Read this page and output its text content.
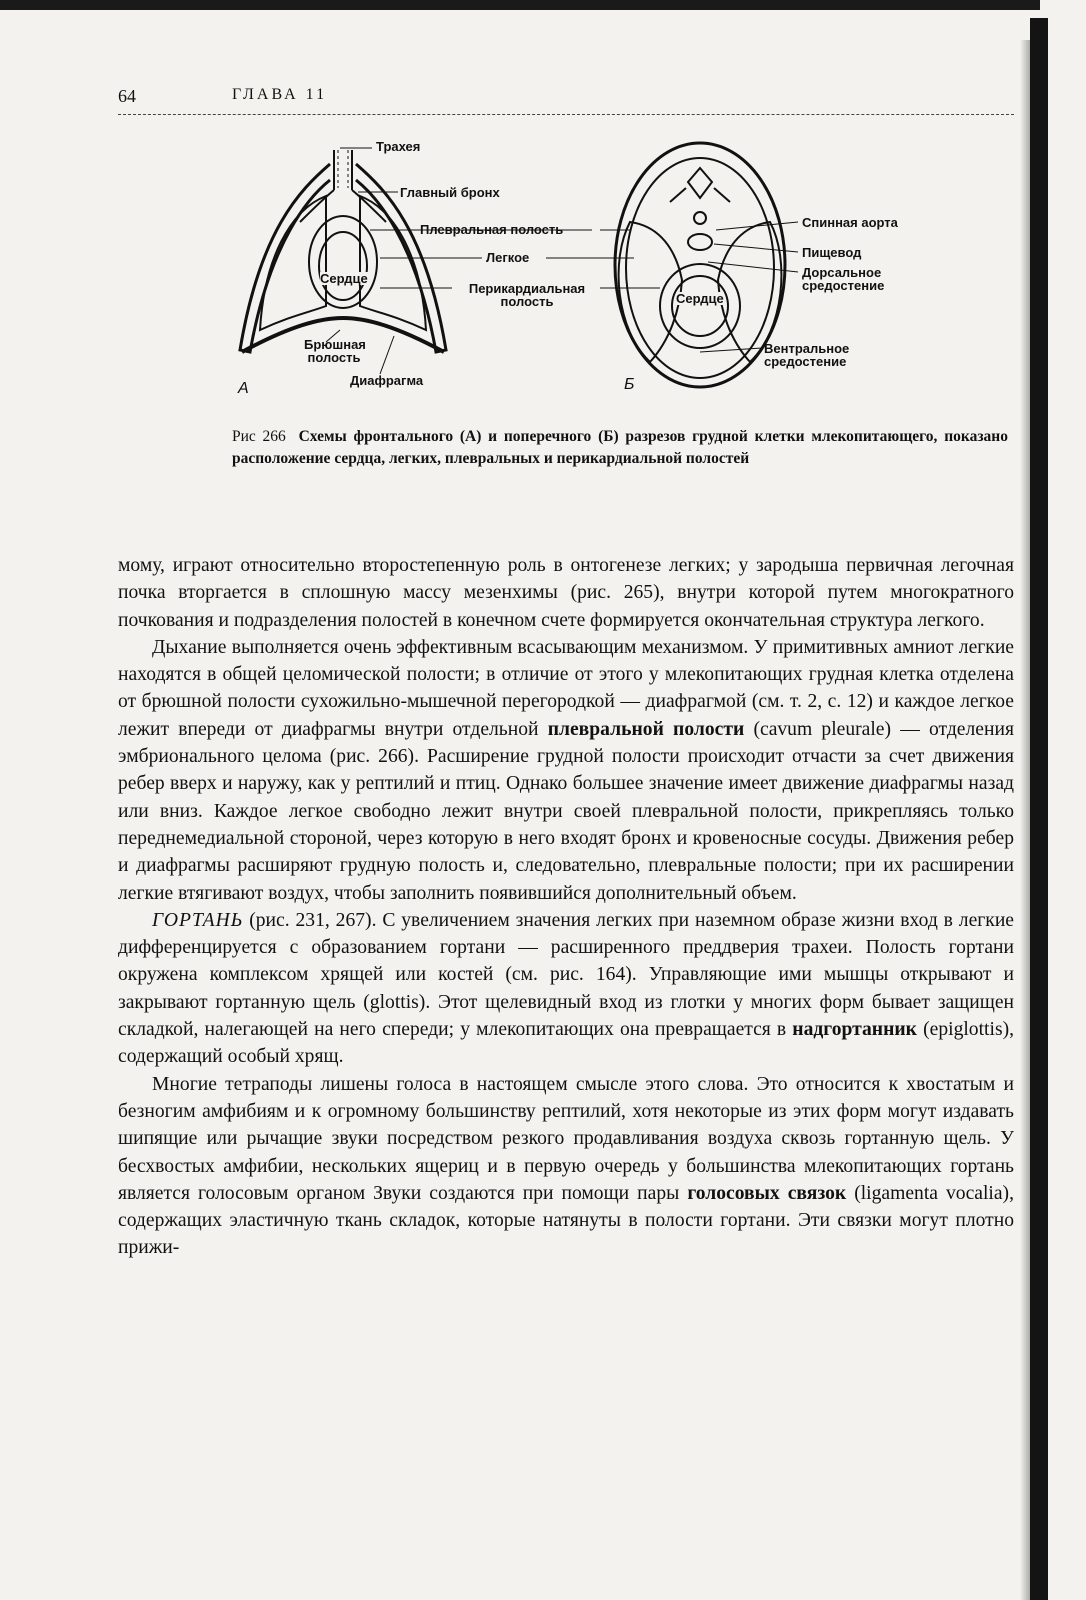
64	ГЛАВА 11
Трахея
Главный бронх
Плевральная полость
Легкое
Сердце
Перикардиальная полость
Брюшная полость
Диафрагма
А
Спинная аорта
Пищевод
Дорсальное средостение
Сердце
Вентральное средостение
Б
Рис 266 Схемы фронтального (А) и поперечного (Б) разрезов грудной клетки млекопитающего, показано расположение сердца, легких, плевральных и перикардиальной полостей

мому, играют относительно второстепенную роль в онтогенезе легких; у зародыша первичная легочная почка вторгается в сплошную массу мезенхимы (рис. 265), внутри которой путем многократного почкования и подразделения полостей в конечном счете формируется окончательная структура легкого.

Дыхание выполняется очень эффективным всасывающим механизмом. У примитивных амниот легкие находятся в общей целомической полости; в отличие от этого у млекопитающих грудная клетка отделена от брюшной полости сухожильно-мышечной перегородкой — диафрагмой (см. т. 2, с. 12) и каждое легкое лежит впереди от диафрагмы внутри отдельной плевральной полости (cavum pleurale) — отделения эмбрионального целома (рис. 266). Расширение грудной полости происходит отчасти за счет движения ребер вверх и наружу, как у рептилий и птиц. Однако большее значение имеет движение диафрагмы назад или вниз. Каждое легкое свободно лежит внутри своей плевральной полости, прикрепляясь только переднемедиальной стороной, через которую в него входят бронх и кровеносные сосуды. Движения ребер и диафрагмы расширяют грудную полость и, следовательно, плевральные полости; при их расширении легкие втягивают воздух, чтобы заполнить появившийся дополнительный объем.

ГОРТАНЬ (рис. 231, 267). С увеличением значения легких при наземном образе жизни вход в легкие дифференцируется с образованием гортани — расширенного преддверия трахеи. Полость гортани окружена комплексом хрящей или костей (см. рис. 164). Управляющие ими мышцы открывают и закрывают гортанную щель (glottis). Этот щелевидный вход из глотки у многих форм бывает защищен складкой, налегающей на него спереди; у млекопитающих она превращается в надгортанник (epiglottis), содержащий особый хрящ.

Многие тетраподы лишены голоса в настоящем смысле этого слова. Это относится к хвостатым и безногим амфибиям и к огромному большинству рептилий, хотя некоторые из этих форм могут издавать шипящие или рычащие звуки посредством резкого продавливания воздуха сквозь гортанную щель. У бесхвостых амфибии, нескольких ящериц и в первую очередь у большинства млекопитающих гортань является голосовым органом Звуки создаются при помощи пары голосовых связок (ligamenta vocalia), содержащих эластичную ткань складок, которые натянуты в полости гортани. Эти связки могут плотно прижи-
